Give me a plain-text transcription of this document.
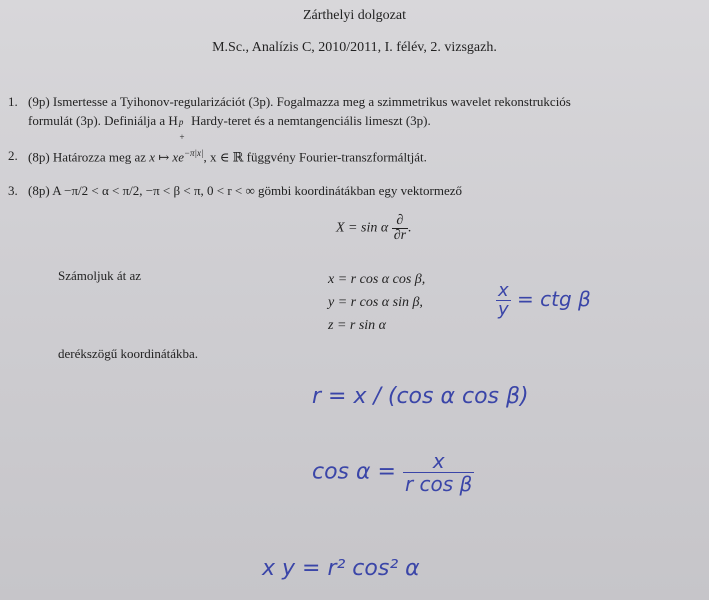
Zárthelyi dolgozat
M.Sc., Analízis C, 2010/2011, I. félév, 2. vizsgazh.
1. (9p) Ismertesse a Tyihonov-regularizációt (3p). Fogalmazza meg a szimmetrikus wavelet rekonstrukciós
formulát (3p). Definiálja a H p
+
Hardy-teret és a nemtangenciális limeszt (3p).
2. (8p) Határozza meg az x ↦ $xe^{-\pi|x|}$, x ∈ ℝ függvény Fourier-transzformáltját.
3. (8p) A −π/2 < α < π/2, −π < β < π, 0 < r < ∞ gömbi koordinátákban egy vektormező
X = sin α $\frac{\partial}{\partial r}$ .
Számoljuk át az	x = r cos α cos β,
y = r cos α sin β,
z = r sin α
derékszögű koordinátákba.
$\frac{x}{y}$ = ctg β
r = x / (cos α cos β)
$\cos \alpha = \frac{x}{\text{r cos β}}$
x y = r² cos² α
